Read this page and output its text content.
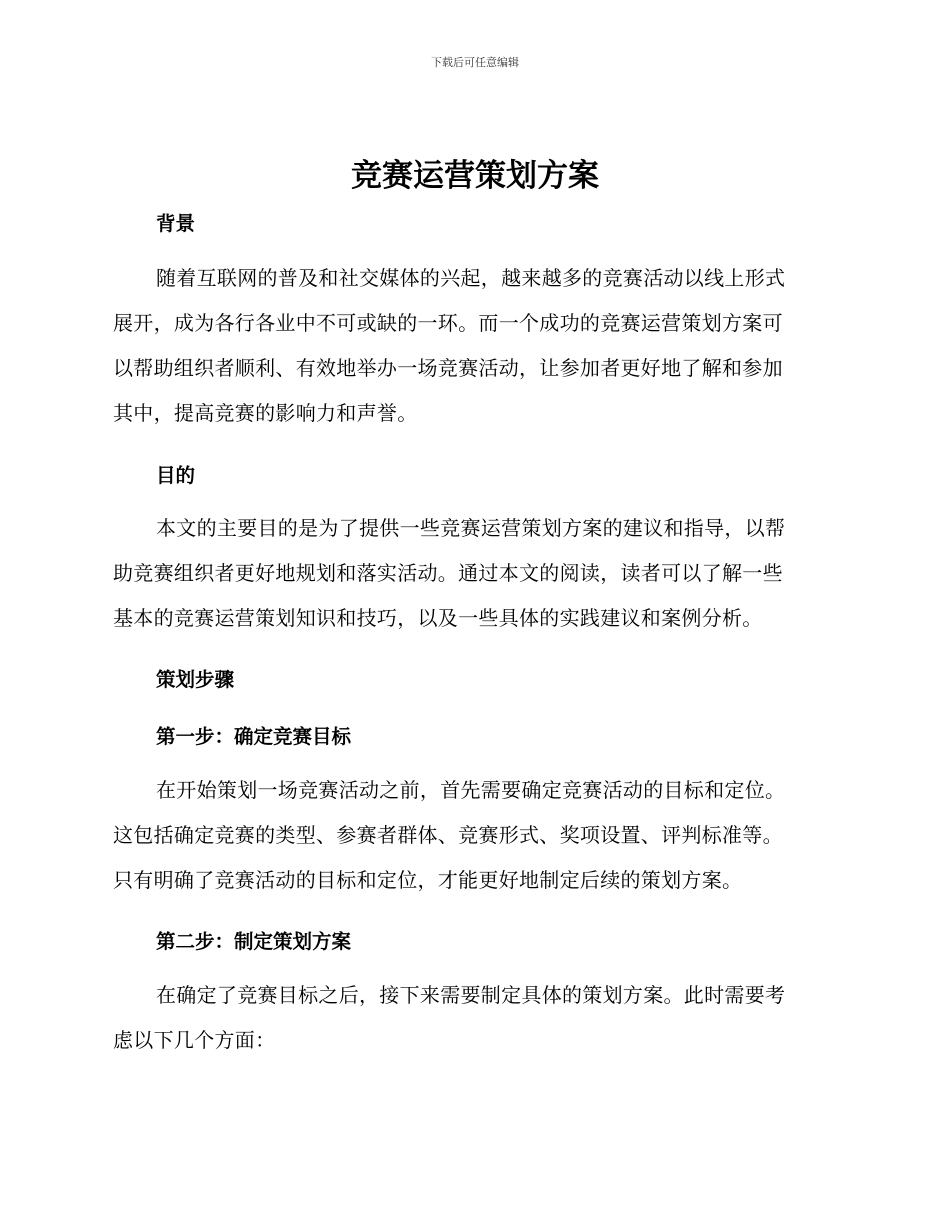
下载后可任意编辑
竞赛运营策划方案
背景
随着互联网的普及和社交媒体的兴起，越来越多的竞赛活动以线上形式
展开，成为各行各业中不可或缺的一环。而一个成功的竞赛运营策划方案可
以帮助组织者顺利、有效地举办一场竞赛活动，让参加者更好地了解和参加
其中，提高竞赛的影响力和声誉。
目的
本文的主要目的是为了提供一些竞赛运营策划方案的建议和指导，以帮
助竞赛组织者更好地规划和落实活动。通过本文的阅读，读者可以了解一些
基本的竞赛运营策划知识和技巧，以及一些具体的实践建议和案例分析。
策划步骤
第一步：确定竞赛目标
在开始策划一场竞赛活动之前，首先需要确定竞赛活动的目标和定位。
这包括确定竞赛的类型、参赛者群体、竞赛形式、奖项设置、评判标准等。
只有明确了竞赛活动的目标和定位，才能更好地制定后续的策划方案。
第二步：制定策划方案
在确定了竞赛目标之后，接下来需要制定具体的策划方案。此时需要考
虑以下几个方面：
